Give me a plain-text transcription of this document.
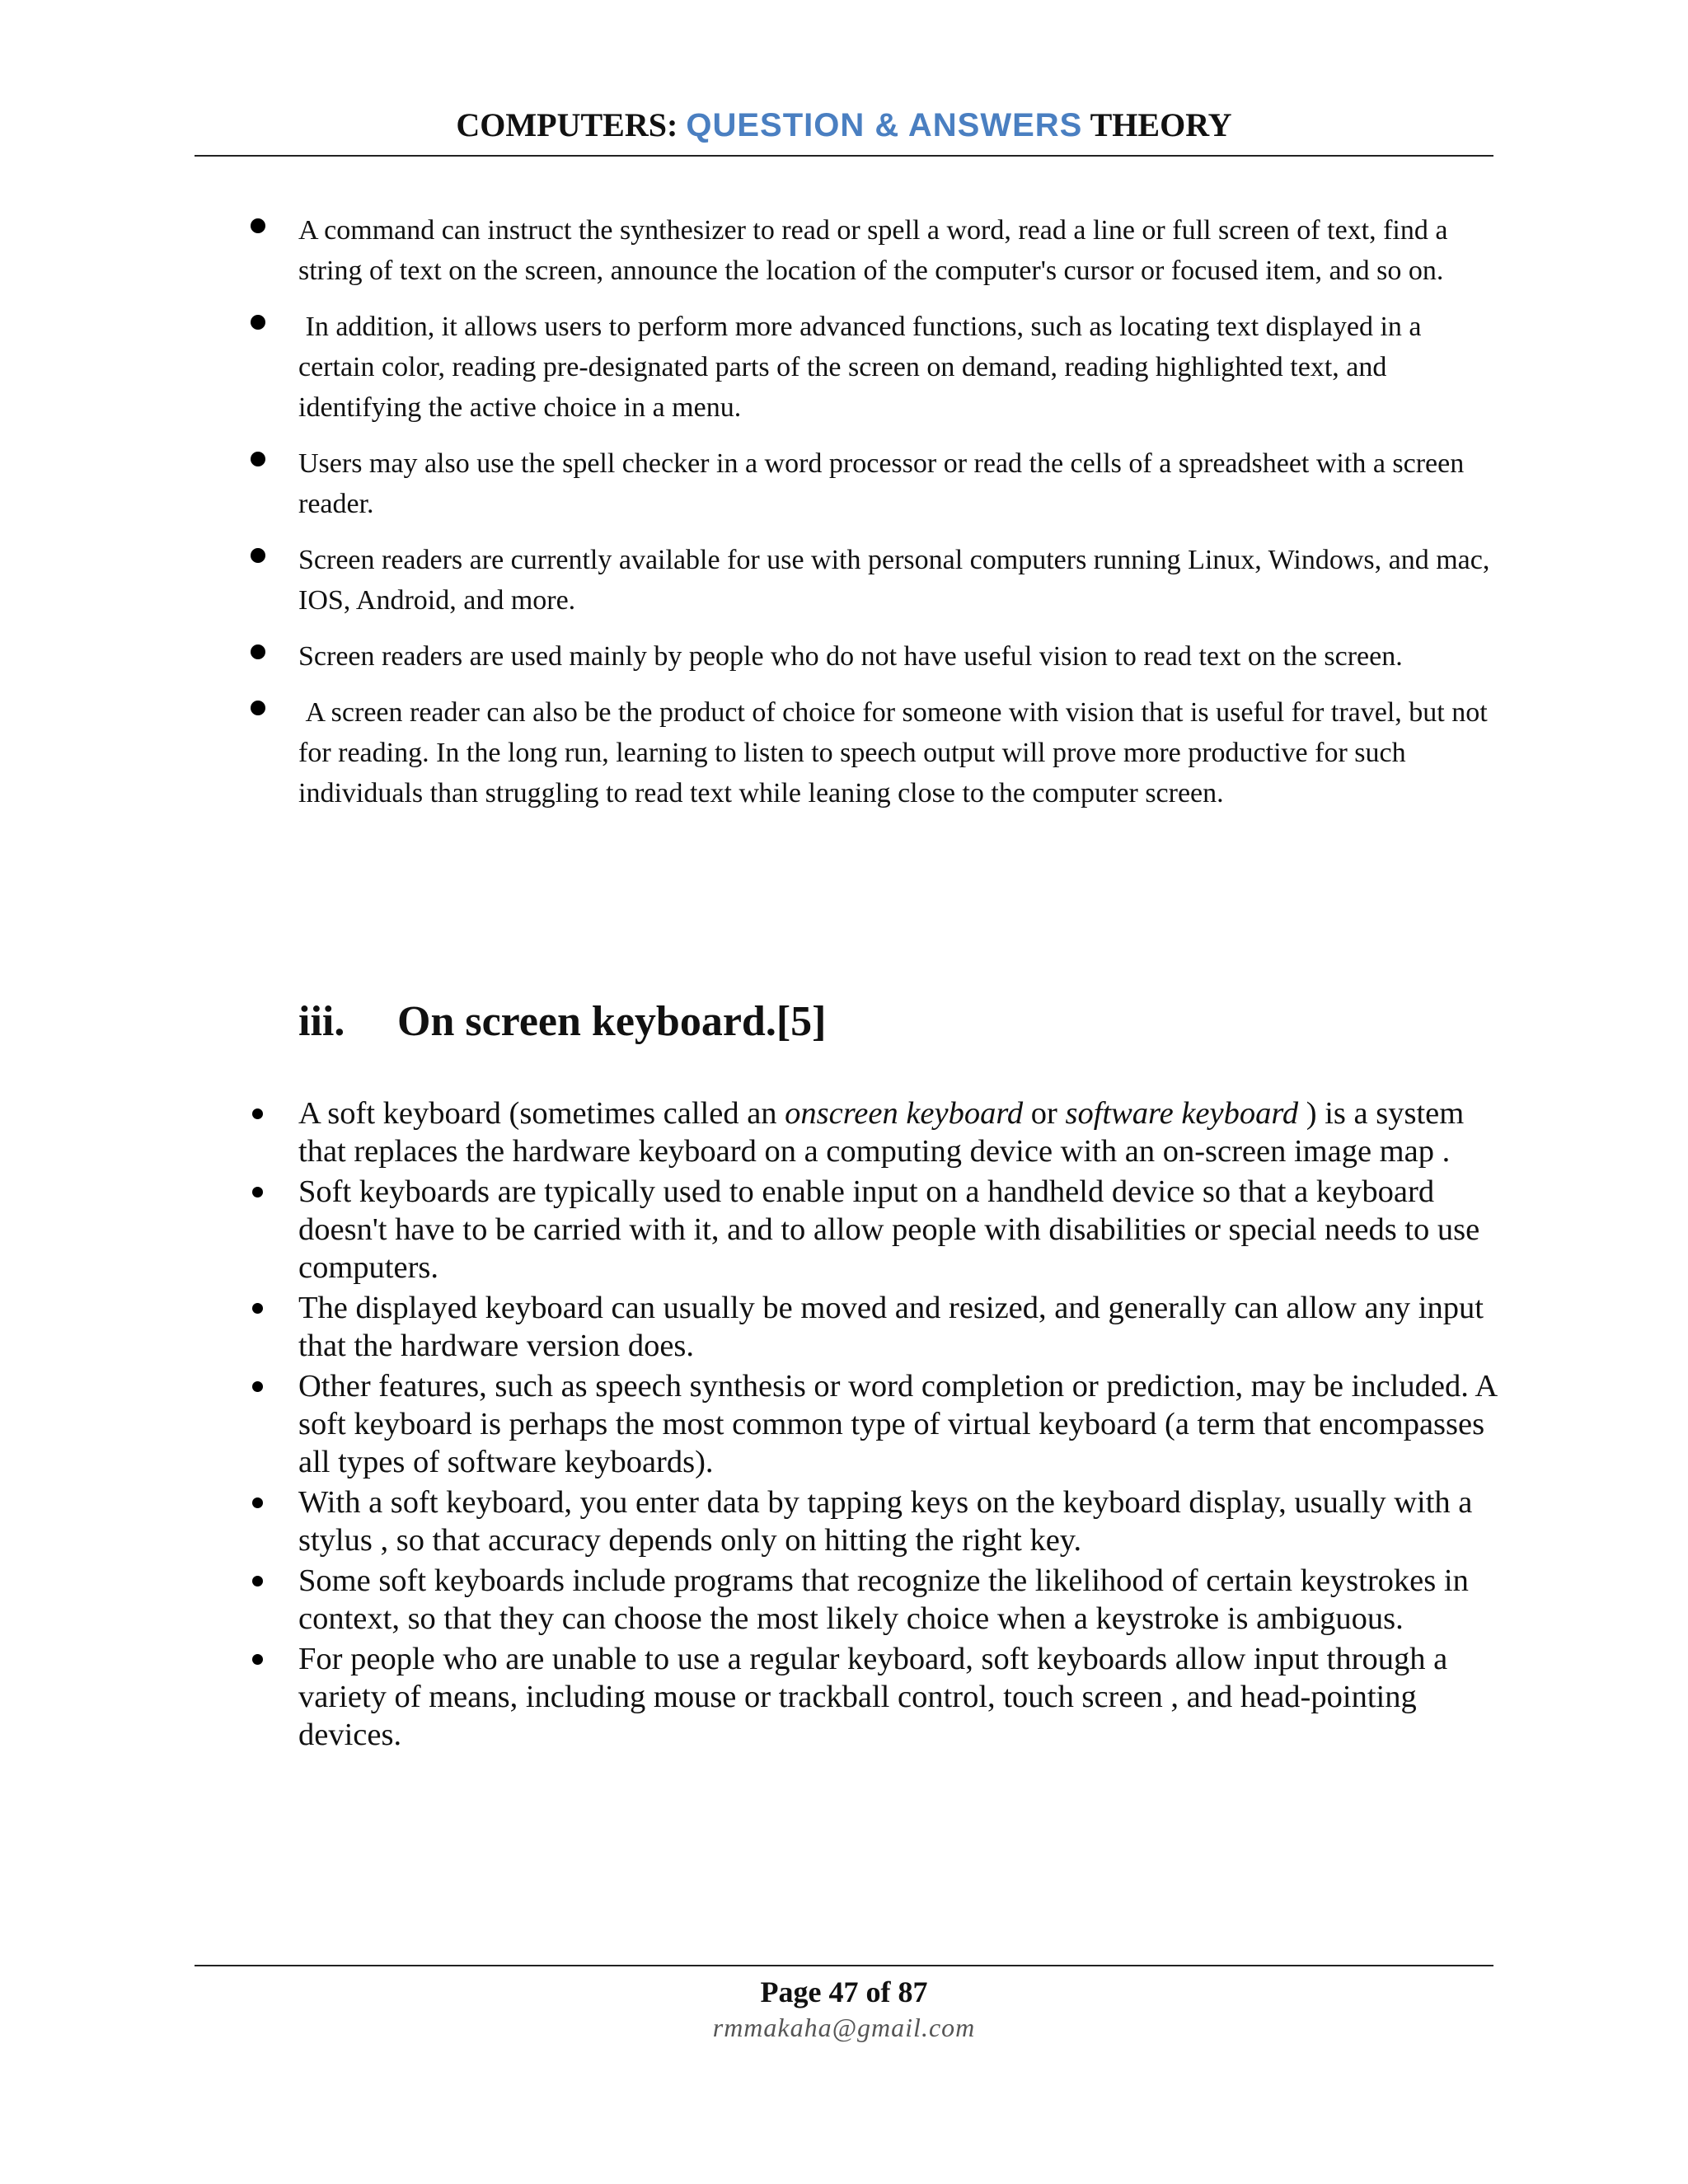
COMPUTERS: QUESTION & ANSWERS THEORY
A command can instruct the synthesizer to read or spell a word, read a line or full screen of text, find a string of text on the screen, announce the location of the computer's cursor or focused item, and so on.
In addition, it allows users to perform more advanced functions, such as locating text displayed in a certain color, reading pre-designated parts of the screen on demand, reading highlighted text, and identifying the active choice in a menu.
Users may also use the spell checker in a word processor or read the cells of a spreadsheet with a screen reader.
Screen readers are currently available for use with personal computers running Linux, Windows, and mac, IOS, Android, and more.
Screen readers are used mainly by people who do not have useful vision to read text on the screen.
A screen reader can also be the product of choice for someone with vision that is useful for travel, but not for reading. In the long run, learning to listen to speech output will prove more productive for such individuals than struggling to read text while leaning close to the computer screen.
iii. On screen keyboard.[5]
A soft keyboard (sometimes called an onscreen keyboard or software keyboard ) is a system that replaces the hardware keyboard on a computing device with an on-screen image map .
Soft keyboards are typically used to enable input on a handheld device so that a keyboard doesn't have to be carried with it, and to allow people with disabilities or special needs to use computers.
The displayed keyboard can usually be moved and resized, and generally can allow any input that the hardware version does.
Other features, such as speech synthesis or word completion or prediction, may be included. A soft keyboard is perhaps the most common type of virtual keyboard (a term that encompasses all types of software keyboards).
With a soft keyboard, you enter data by tapping keys on the keyboard display, usually with a stylus , so that accuracy depends only on hitting the right key.
Some soft keyboards include programs that recognize the likelihood of certain keystrokes in context, so that they can choose the most likely choice when a keystroke is ambiguous.
For people who are unable to use a regular keyboard, soft keyboards allow input through a variety of means, including mouse or trackball control, touch screen , and head-pointing devices.
Page 47 of 87
rmmakaha@gmail.com
